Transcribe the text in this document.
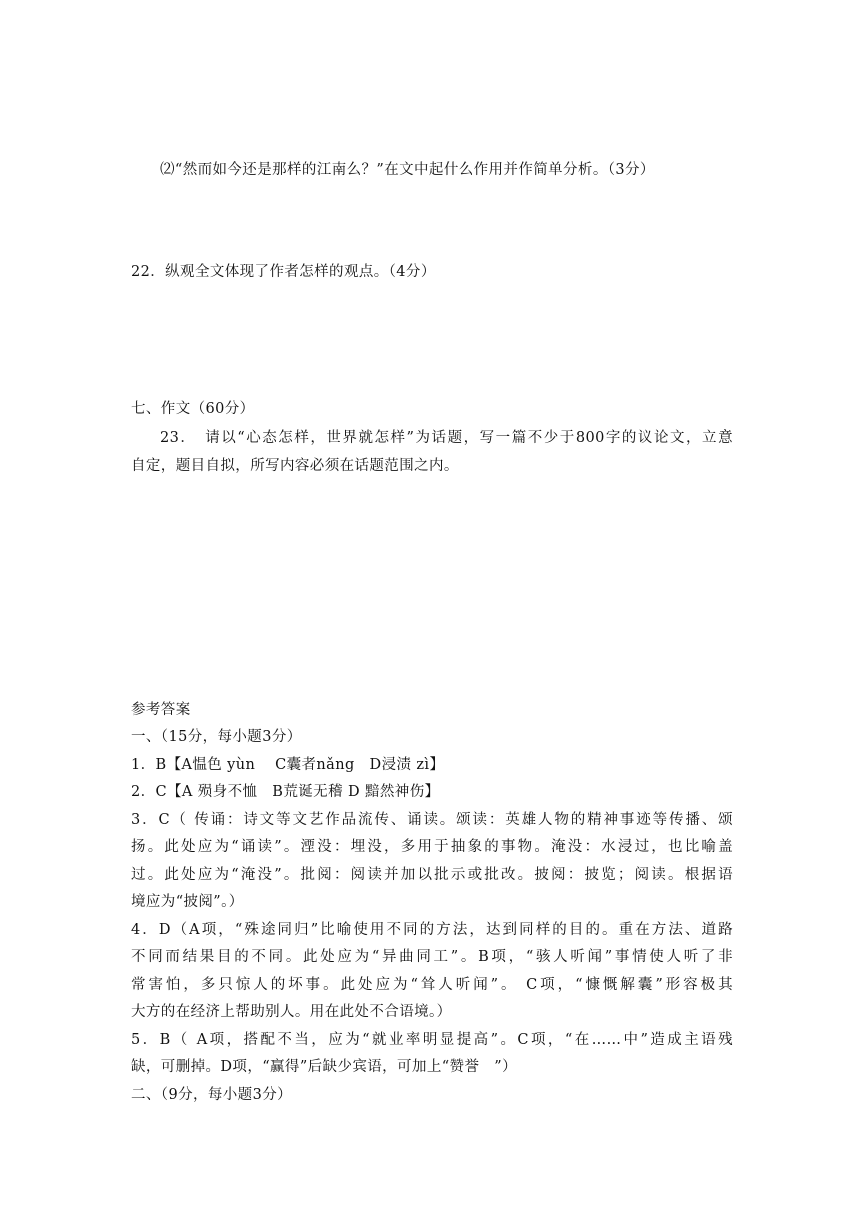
⑵“然而如今还是那样的江南么？”在文中起什么作用并作简单分析。（3分）
22．纵观全文体现了作者怎样的观点。（4分）
七、作文（60分）
23．　请以“心态怎样，世界就怎样”为话题，写一篇不少于800字的议论文，立意
自定，题目自拟，所写内容必须在话题范围之内。
参考答案
一、（15分，每小题3分）
1．B【A愠色 yùn　 C囊者nǎng　D浸渍 zì】
2．C【A 殒身不恤　B荒诞无稽 D 黯然神伤】
3．C（ 传诵：诗文等文艺作品流传、诵读。颂读：英雄人物的精神事迹等传播、颂
扬。此处应为“诵读”。湮没：埋没，多用于抽象的事物。淹没：水浸过，也比喻盖
过。此处应为“淹没”。批阅：阅读并加以批示或批改。披阅：披览；阅读。根据语
境应为“披阅”。）
4．D（A项，“殊途同归”比喻使用不同的方法，达到同样的目的。重在方法、道路
不同而结果目的不同。此处应为“异曲同工”。B项，“骇人听闻”事情使人听了非
常害怕，多只惊人的坏事。此处应为“耸人听闻”。 C项，“慷慨解囊”形容极其
大方的在经济上帮助别人。用在此处不合语境。）
5．B（ A项，搭配不当，应为“就业率明显提高”。C项，“在……中”造成主语残
缺，可删掉。D项，“赢得”后缺少宾语，可加上“赞誉　”）
二、（9分，每小题3分）
